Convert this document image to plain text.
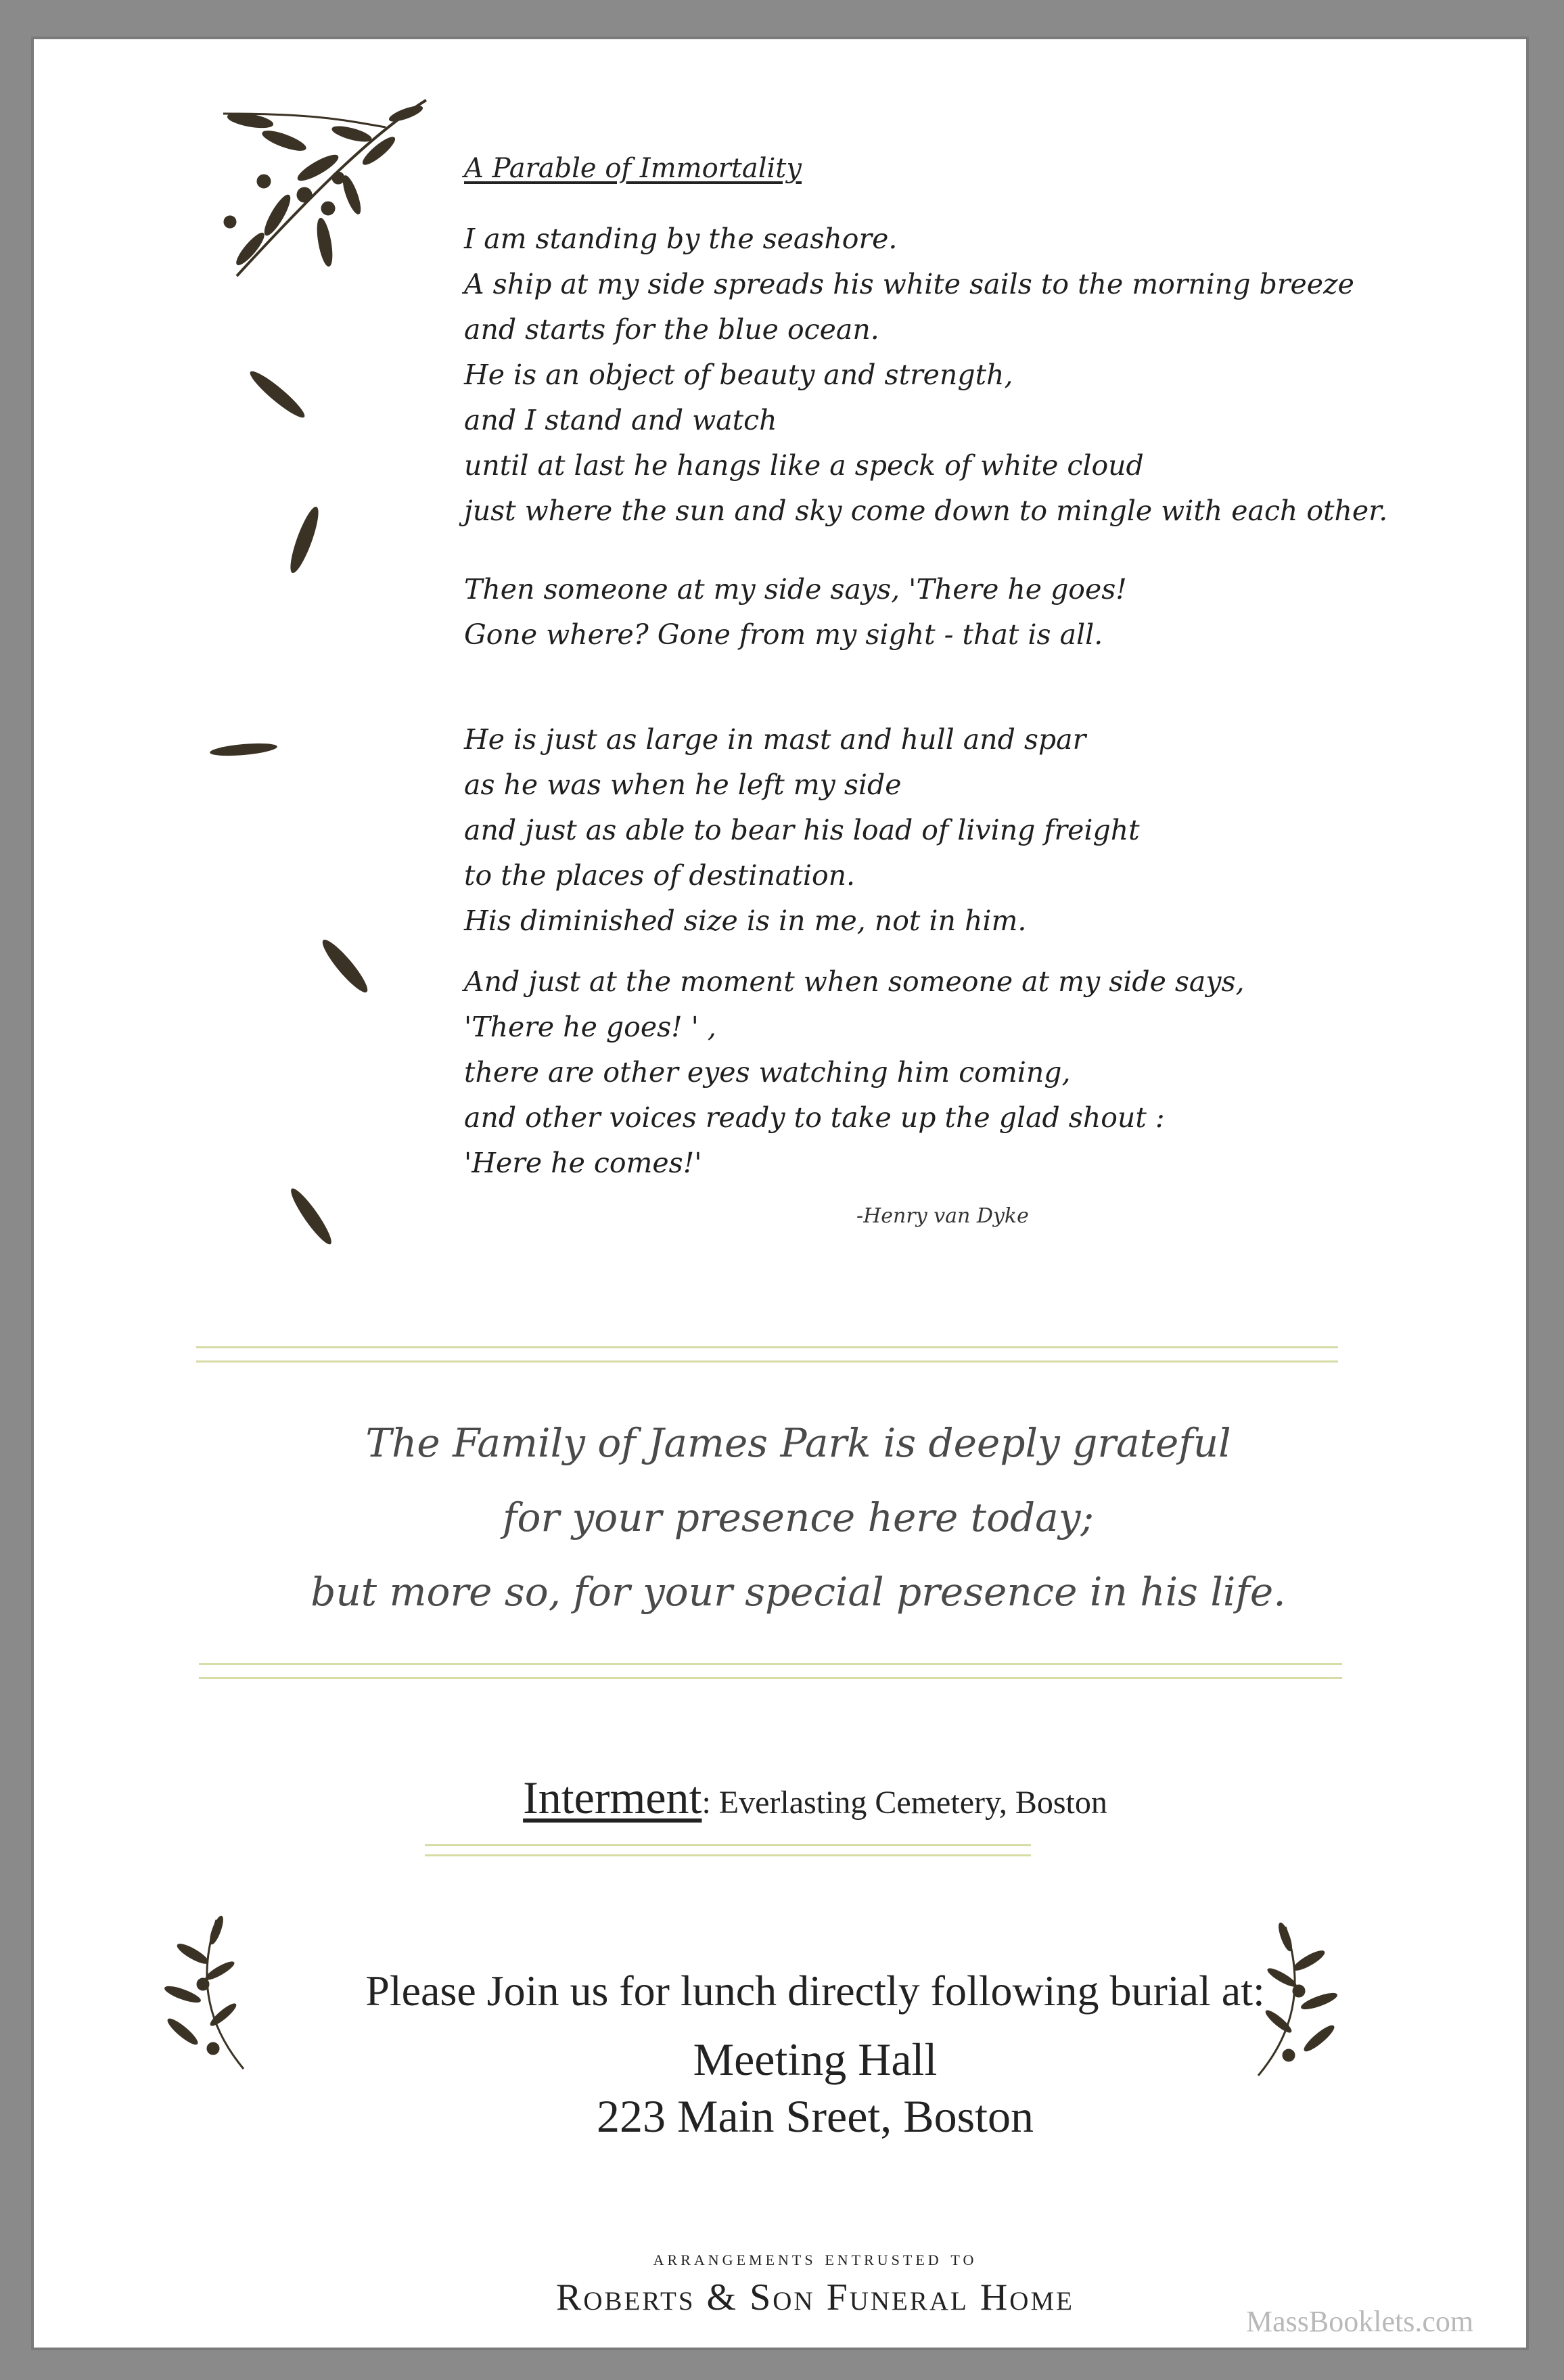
A Parable of Immortality
I am standing by the seashore.
A ship at my side spreads his white sails to the morning breeze
and starts for the blue ocean.
He is an object of beauty and strength,
and I stand and watch
until at last he hangs like a speck of white cloud
just where the sun and sky come down to mingle with each other.
Then someone at my side says, 'There he goes!
Gone where? Gone from my sight - that is all.
He is just as large in mast and hull and spar
as he was when he left my side
and just as able to bear his load of living freight
to the places of destination.
His diminished size is in me, not in him.
And just at the moment when someone at my side says,
'There he goes! ' ,
there are other eyes watching him coming,
and other voices ready to take up the glad shout :
'Here he comes!'
-Henry van Dyke
The Family of James Park is deeply grateful
for your presence here today;
but more so, for your special presence in his life.
Interment: Everlasting Cemetery, Boston
Please Join us for lunch directly following burial at:
Meeting Hall
223 Main Sreet, Boston
arrangements entrusted to
Roberts & Son Funeral Home
MassBooklets.com
